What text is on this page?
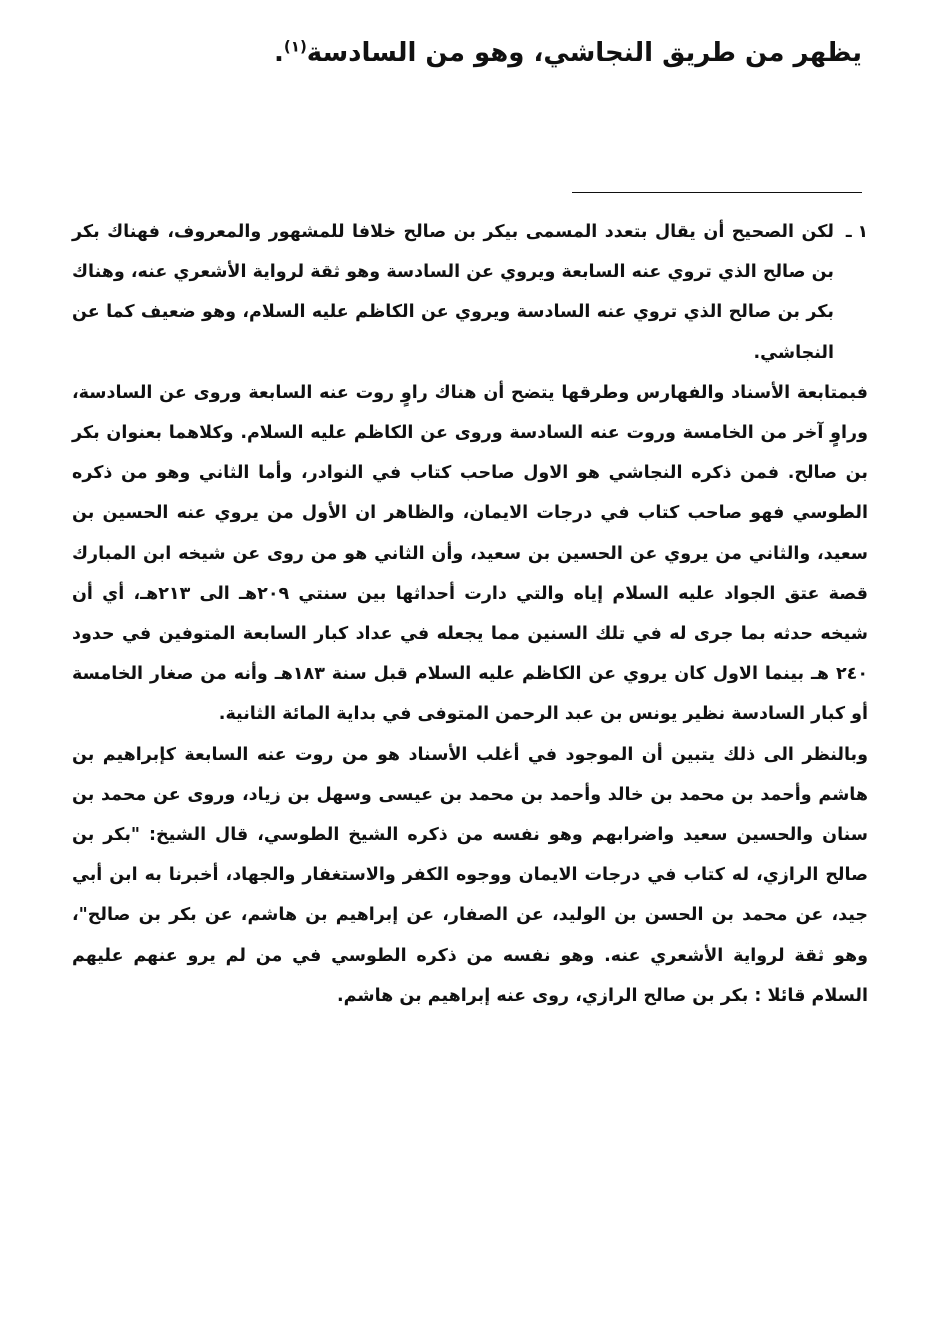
يظهر من طريق النجاشي، وهو من السادسة$^{(١)}$.
١ ـ

لكن الصحيح أن يقال بتعدد المسمى بيكر بن صالح خلافا للمشهور والمعروف، فهناك بكر بن صالح الذي تروي عنه السابعة ويروي عن السادسة وهو ثقة لرواية الأشعري عنه، وهناك بكر بن صالح الذي تروي عنه السادسة ويروي عن الكاظم عليه السلام، وهو ضعيف كما عن النجاشي.

فبمتابعة الأسناد والفهارس وطرقها يتضح أن هناك راوٍ روت عنه السابعة وروى عن السادسة، وراوٍ آخر من الخامسة وروت عنه السادسة وروى عن الكاظم عليه السلام. وكلاهما بعنوان بكر بن صالح. فمن ذكره النجاشي هو الاول صاحب كتاب في النوادر، وأما الثاني وهو من ذكره الطوسي فهو صاحب كتاب في درجات الايمان، والظاهر ان الأول من يروي عنه الحسين بن سعيد، والثاني من يروي عن الحسين بن سعيد، وأن الثاني هو من روى عن شيخه ابن المبارك قصة عتق الجواد عليه السلام إياه والتي دارت أحداثها بين سنتي ٢٠٩هـ الى ٢١٣هـ، أي أن شيخه حدثه بما جرى له في تلك السنين مما يجعله في عداد كبار السابعة المتوفين في حدود ٢٤٠ هـ بينما الاول كان يروي عن الكاظم عليه السلام قبل سنة ١٨٣هـ وأنه من صغار الخامسة أو كبار السادسة نظير يونس بن عبد الرحمن المتوفى في بداية المائة الثانية.

وبالنظر الى ذلك يتبين أن الموجود في أغلب الأسناد هو من روت عنه السابعة كإبراهيم بن هاشم وأحمد بن محمد بن خالد وأحمد بن محمد بن عيسى وسهل بن زياد، وروى عن محمد بن سنان والحسين سعيد واضرابهم وهو نفسه من ذكره الشيخ الطوسي، قال الشيخ: "بكر بن صالح الرازي، له كتاب في درجات الايمان ووجوه الكفر والاستغفار والجهاد، أخبرنا به ابن أبي جيد، عن محمد بن الحسن بن الوليد، عن الصفار، عن إبراهيم بن هاشم، عن بكر بن صالح"، وهو ثقة لرواية الأشعري عنه. وهو نفسه من ذكره الطوسي في من لم يرو عنهم عليهم السلام قائلا : بكر بن صالح الرازي، روى عنه إبراهيم بن هاشم.
